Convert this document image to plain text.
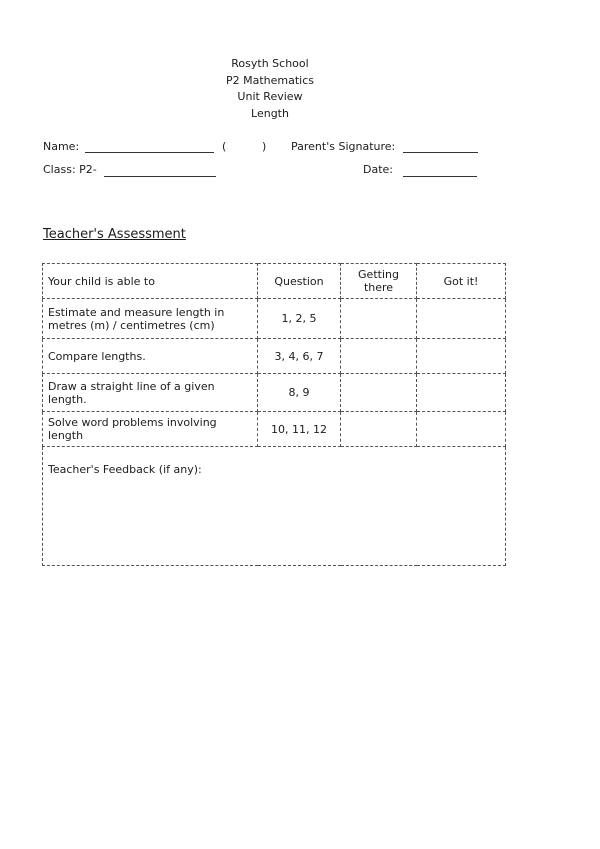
Rosyth School
P2 Mathematics
Unit Review
Length
Name:	(	) Parent's Signature:
Class: P2-	Date:
Teacher's Assessment
Your child is able to	Question	Getting there	Got it!
Estimate and measure length in metres (m) / centimetres (cm)	1, 2, 5		
Compare lengths.	3, 4, 6, 7		
Draw a straight line of a given length.	8, 9		
Solve word problems involving length	10, 11, 12		
Teacher's Feedback (if any):			
